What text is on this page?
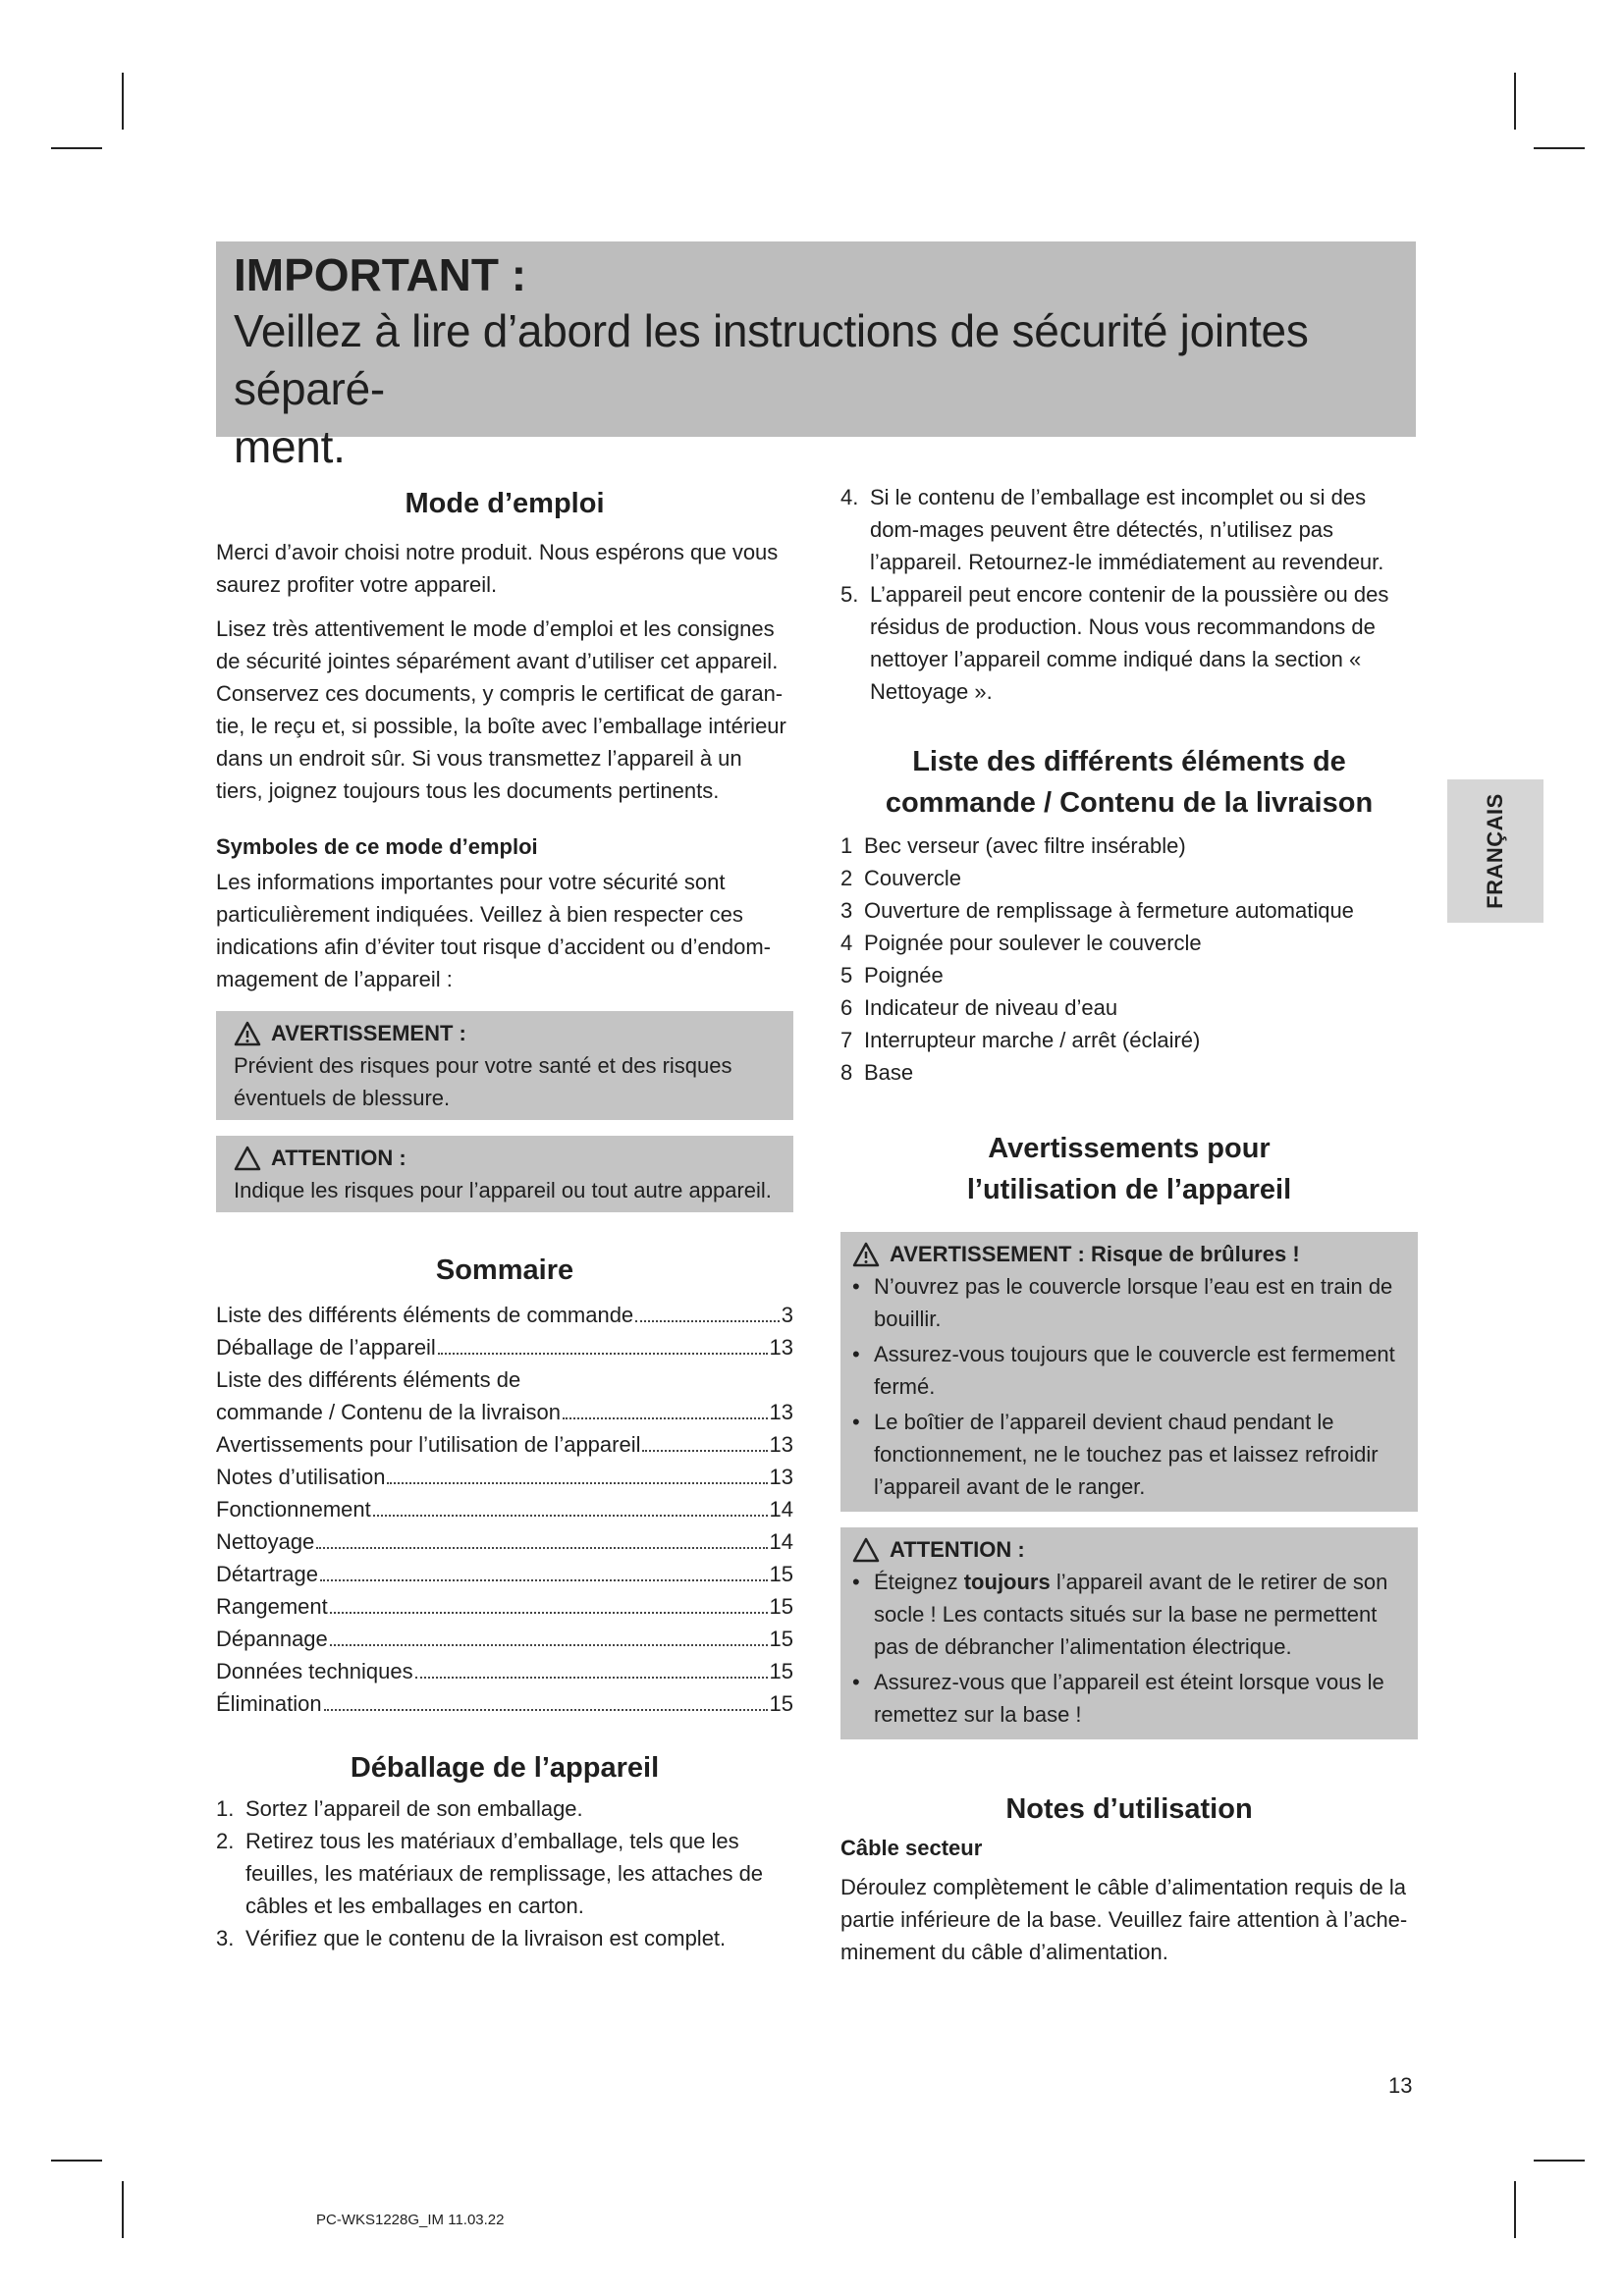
IMPORTANT :
Veillez à lire d’abord les instructions de sécurité jointes séparé-
ment.
Mode d’emploi

Merci d’avoir choisi notre produit. Nous espérons que vous saurez profiter votre appareil.

Lisez très attentivement le mode d’emploi et les consignes de sécurité jointes séparément avant d’utiliser cet appareil. Conservez ces documents, y compris le certificat de garan-tie, le reçu et, si possible, la boîte avec l’emballage intérieur dans un endroit sûr. Si vous transmettez l’appareil à un tiers, joignez toujours tous les documents pertinents.

Symboles de ce mode d’emploi

Les informations importantes pour votre sécurité sont particulièrement indiquées. Veillez à bien respecter ces indications afin d’éviter tout risque d’accident ou d’endom-magement de l’appareil :

AVERTISSEMENT :
Prévient des risques pour votre santé et des risques éventuels de blessure.
ATTENTION :
Indique les risques pour l’appareil ou tout autre appareil.
Sommaire
Liste des différents éléments de commande	3
Déballage de l’appareil	13
Liste des différents éléments de
commande / Contenu de la livraison	13
Avertissements pour l’utilisation de l’appareil	13
Notes d’utilisation	13
Fonctionnement	14
Nettoyage	14
Détartrage	15
Rangement	15
Dépannage	15
Données techniques	15
Élimination	15
Déballage de l’appareil
1. Sortez l’appareil de son emballage.
2. Retirez tous les matériaux d’emballage, tels que les feuilles, les matériaux de remplissage, les attaches de câbles et les emballages en carton.
3. Vérifiez que le contenu de la livraison est complet.
4. Si le contenu de l’emballage est incomplet ou si des dom-mages peuvent être détectés, n’utilisez pas l’appareil. Retournez-le immédiatement au revendeur.
5. L’appareil peut encore contenir de la poussière ou des résidus de production. Nous vous recommandons de nettoyer l’appareil comme indiqué dans la section « Nettoyage ».
Liste des différents éléments de
commande / Contenu de la livraison
1 Bec verseur (avec filtre insérable)
2 Couvercle
3 Ouverture de remplissage à fermeture automatique
4 Poignée pour soulever le couvercle
5 Poignée
6 Indicateur de niveau d’eau
7 Interrupteur marche / arrêt (éclairé)
8 Base
Avertissements pour
l’utilisation de l’appareil
AVERTISSEMENT : Risque de brûlures !
• N’ouvrez pas le couvercle lorsque l’eau est en train de bouillir.
• Assurez-vous toujours que le couvercle est fermement fermé.
• Le boîtier de l’appareil devient chaud pendant le fonctionnement, ne le touchez pas et laissez refroidir l’appareil avant de le ranger.
ATTENTION :
• Éteignez toujours l’appareil avant de le retirer de son socle ! Les contacts situés sur la base ne permettent pas de débrancher l’alimentation électrique.
• Assurez-vous que l’appareil est éteint lorsque vous le remettez sur la base !
Notes d’utilisation
Câble secteur

Déroulez complètement le câble d’alimentation requis de la partie inférieure de la base. Veuillez faire attention à l’ache-minement du câble d’alimentation.

FRANÇAIS
13
PC-WKS1228G_IM 11.03.22
